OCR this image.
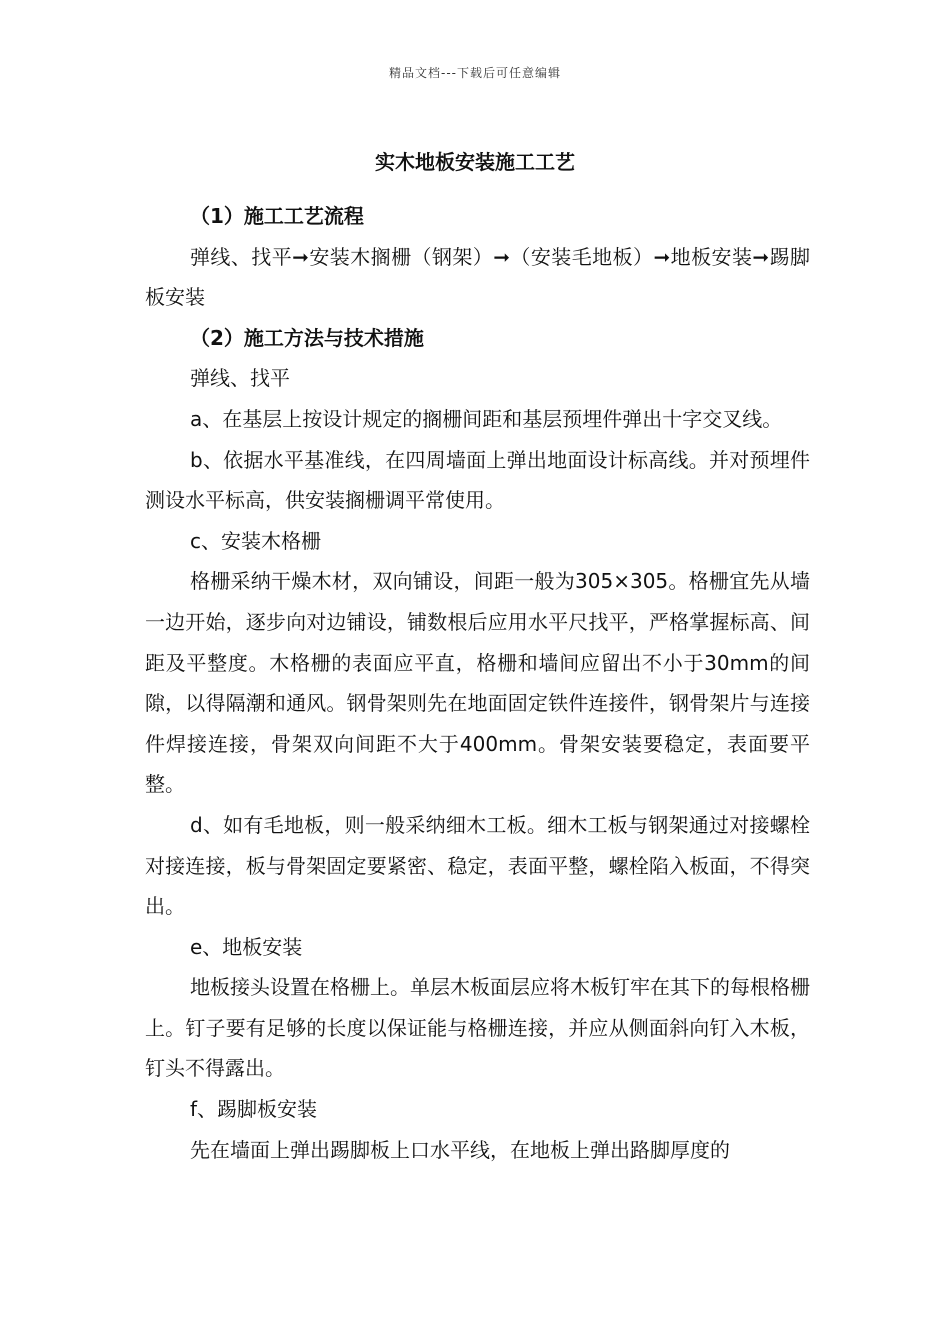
精品文档---下载后可任意编辑
实木地板安装施工工艺

（1）施工工艺流程

弹线、找平➞安装木搁栅（钢架）➞（安装毛地板）➞地板安装➞踢脚板安装

（2）施工方法与技术措施

弹线、找平

a、在基层上按设计规定的搁栅间距和基层预埋件弹出十字交叉线。

b、依据水平基准线，在四周墙面上弹出地面设计标高线。并对预埋件测设水平标高，供安装搁栅调平常使用。

c、安装木格栅

格栅采纳干燥木材，双向铺设，间距一般为305×305。格栅宜先从墙一边开始，逐步向对边铺设，铺数根后应用水平尺找平，严格掌握标高、间距及平整度。木格栅的表面应平直，格栅和墙间应留出不小于30mm的间隙，以得隔潮和通风。钢骨架则先在地面固定铁件连接件，钢骨架片与连接件焊接连接，骨架双向间距不大于400mm。骨架安装要稳定，表面要平整。

d、如有毛地板，则一般采纳细木工板。细木工板与钢架通过对接螺栓对接连接，板与骨架固定要紧密、稳定，表面平整，螺栓陷入板面，不得突出。

e、地板安装

地板接头设置在格栅上。单层木板面层应将木板钉牢在其下的每根格栅上。钉子要有足够的长度以保证能与格栅连接，并应从侧面斜向钉入木板，钉头不得露出。

f、踢脚板安装

先在墙面上弹出踢脚板上口水平线，在地板上弹出路脚厚度的
